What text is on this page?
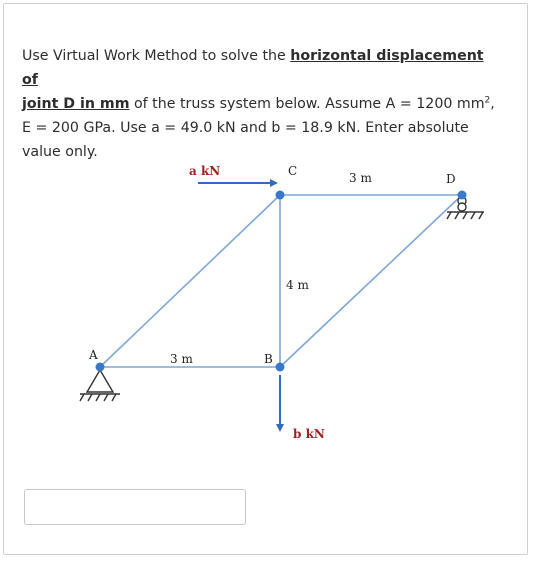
Use Virtual Work Method to solve the horizontal displacement of
joint D in mm of the truss system below. Assume A = 1200 $mm^2$, E = 200 GPa. Use a = 49.0 kN and b = 18.9 kN. Enter absolute value only.
a kN
b kN
A	B
C
D
3 m
3 m
4 m
